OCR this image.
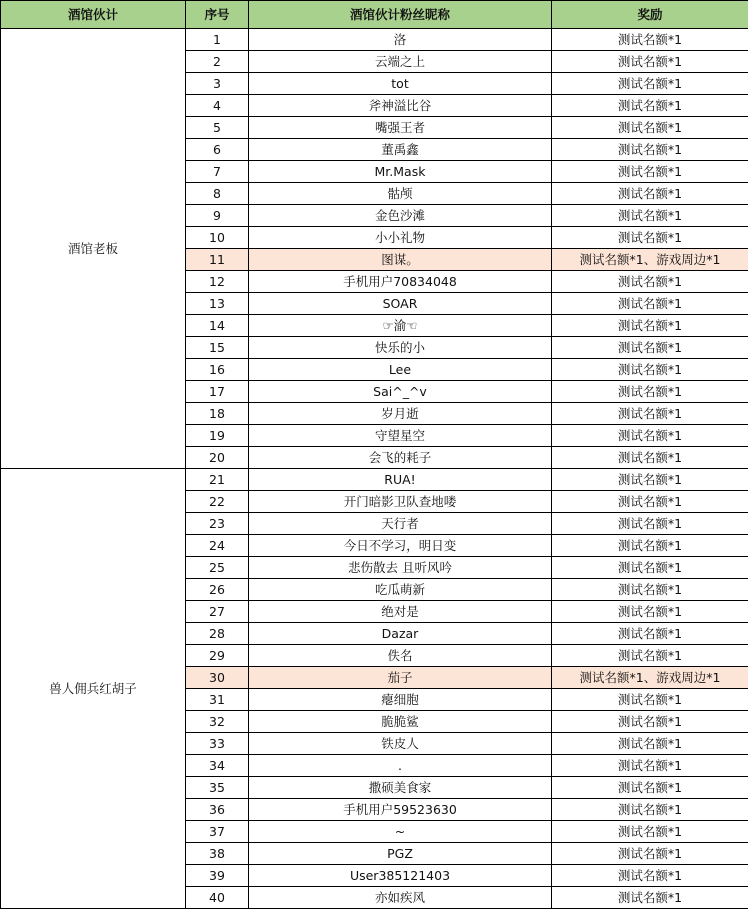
酒馆伙计	序号	酒馆伙计粉丝昵称	奖励
酒馆老板	1	洛	测试名额*1
	2	云端之上	测试名额*1
	3	tot	测试名额*1
	4	斧神溢比谷	测试名额*1
	5	嘴强王者	测试名额*1
	6	董禹鑫	测试名额*1
	7	Mr.Mask	测试名额*1
	8	骷颅	测试名额*1
	9	金色沙滩	测试名额*1
	10	小小礼物	测试名额*1
	11	图谋。	测试名额*1、游戏周边*1
	12	手机用户70834048	测试名额*1
	13	SOAR	测试名额*1
	14	☞渝☜	测试名额*1
	15	快乐的小	测试名额*1
	16	Lee	测试名额*1
	17	Sai^_^v	测试名额*1
	18	岁月逝	测试名额*1
	19	守望星空	测试名额*1
	20	会飞的耗子	测试名额*1
兽人佣兵红胡子	21	RUA!	测试名额*1
	22	开门暗影卫队查地喽	测试名额*1
	23	天行者	测试名额*1
	24	今日不学习，明日变	测试名额*1
	25	悲伤散去 且听风吟	测试名额*1
	26	吃瓜萌新	测试名额*1
	27	绝对是	测试名额*1
	28	Dazar	测试名额*1
	29	佚名	测试名额*1
	30	茄子	测试名额*1、游戏周边*1
	31	瘪细胞	测试名额*1
	32	脆脆鲨	测试名额*1
	33	铁皮人	测试名额*1
	34	.	测试名额*1
	35	撒硕美食家	测试名额*1
	36	手机用户59523630	测试名额*1
	37	~	测试名额*1
	38	PGZ	测试名额*1
	39	User385121403	测试名额*1
	40	亦如疾风	测试名额*1
